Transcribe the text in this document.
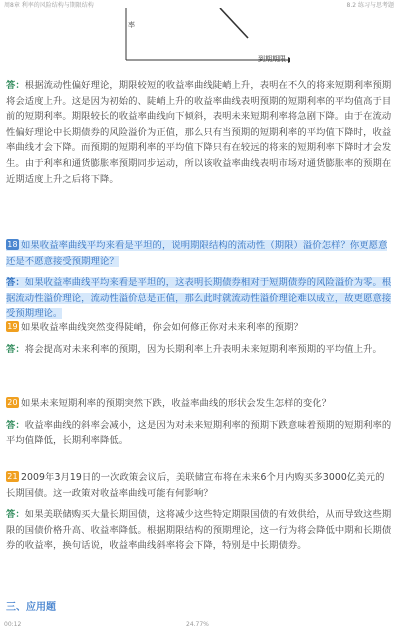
周8章 利率的风险结构与期限结构	8.2 练习与思考题
率
到期期限

答：根据流动性偏好理论，期限较短的收益率曲线陡峭上升，表明在不久的将来短期利率预期将会适度上升。这是因为初始的、陡峭上升的收益率曲线表明预期的短期利率的平均值高于目前的短期利率。期限较长的收益率曲线向下倾斜，表明未来短期利率将急剧下降。由于在流动性偏好理论中长期债券的风险溢价为正值，那么只有当预期的短期利率的平均值下降时，收益率曲线才会下降。而预期的短期利率的平均值下降只有在较远的将来的短期利率下降时才会发生。由于利率和通货膨胀率预期同步运动，所以该收益率曲线表明市场对通货膨胀率的预期在近期适度上升之后将下降。

18 如果收益率曲线平均来看是平坦的，说明期限结构的流动性（期限）溢价怎样？你更愿意还是不愿意接受预期理论？

答：如果收益率曲线平均来看是平坦的，这表明长期债券相对于短期债券的风险溢价为零。根据流动性溢价理论，流动性溢价总是正值，那么此时就流动性溢价理论难以成立，故更愿意接受预期理论。

19 如果收益率曲线突然变得陡峭，你会如何修正你对未来利率的预期？

答：将会提高对未来利率的预期，因为长期利率上升表明未来短期利率预期的平均值上升。

20 如果未来短期利率的预期突然下跌，收益率曲线的形状会发生怎样的变化？

答：收益率曲线的斜率会减小，这是因为对未来短期利率的预期下跌意味着预期的短期利率的平均值降低，长期利率降低。

21 2009年3月19日的一次政策会议后，美联储宣布将在未来6个月内购买多3000亿美元的长期国债。这一政策对收益率曲线可能有何影响？

答：如果美联储购买大量长期国债，这将减少这些特定期限国债的有效供给，从而导致这些期限的国债价格升高、收益率降低。根据期限结构的预期理论，这一行为将会降低中期和长期债券的收益率，换句话说，收益率曲线斜率将会下降，特别是中长期债券。

三、应用题
00:12	24.77%
